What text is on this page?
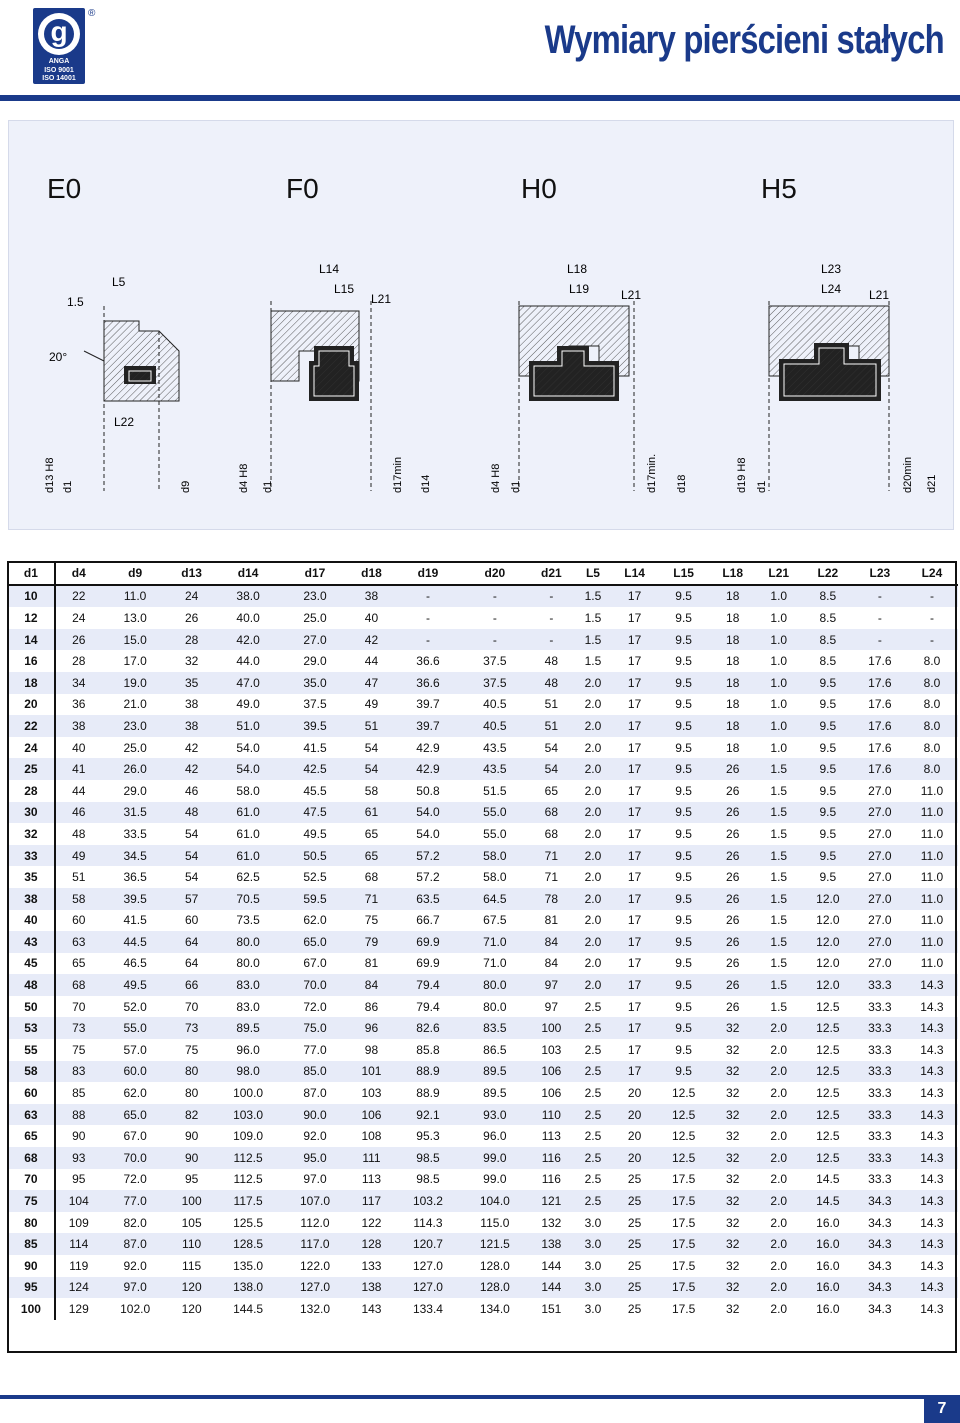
g
ANGA
ISO 9001
ISO 14001
®
Wymiary pierścieni stałych
E0	F0	H0	H5
L5
1.5
20°
L22
d13 H8 d1	d9
L14
L15
L21
d4 H8 d1	d17min d14
L18
L19	L21
d4 H8 d1	d17min. d18
L23
L24 L21
d19 H8 d1	d20min d21
d1	d4	d9	d13	d14	d17	d18	d19	d20	d21	L5	L14	L15	L18	L21	L22	L23	L24
10	22	11.0	24	38.0	23.0	38	-	-	-	1.5	17	9.5	18	1.0	8.5	-	-
12	24	13.0	26	40.0	25.0	40	-	-	-	1.5	17	9.5	18	1.0	8.5	-	-
14	26	15.0	28	42.0	27.0	42	-	-	-	1.5	17	9.5	18	1.0	8.5	-	-
16	28	17.0	32	44.0	29.0	44	36.6	37.5	48	1.5	17	9.5	18	1.0	8.5	17.6	8.0
18	34	19.0	35	47.0	35.0	47	36.6	37.5	48	2.0	17	9.5	18	1.0	9.5	17.6	8.0
20	36	21.0	38	49.0	37.5	49	39.7	40.5	51	2.0	17	9.5	18	1.0	9.5	17.6	8.0
22	38	23.0	38	51.0	39.5	51	39.7	40.5	51	2.0	17	9.5	18	1.0	9.5	17.6	8.0
24	40	25.0	42	54.0	41.5	54	42.9	43.5	54	2.0	17	9.5	18	1.0	9.5	17.6	8.0
25	41	26.0	42	54.0	42.5	54	42.9	43.5	54	2.0	17	9.5	26	1.5	9.5	17.6	8.0
28	44	29.0	46	58.0	45.5	58	50.8	51.5	65	2.0	17	9.5	26	1.5	9.5	27.0	11.0
30	46	31.5	48	61.0	47.5	61	54.0	55.0	68	2.0	17	9.5	26	1.5	9.5	27.0	11.0
32	48	33.5	54	61.0	49.5	65	54.0	55.0	68	2.0	17	9.5	26	1.5	9.5	27.0	11.0
33	49	34.5	54	61.0	50.5	65	57.2	58.0	71	2.0	17	9.5	26	1.5	9.5	27.0	11.0
35	51	36.5	54	62.5	52.5	68	57.2	58.0	71	2.0	17	9.5	26	1.5	9.5	27.0	11.0
38	58	39.5	57	70.5	59.5	71	63.5	64.5	78	2.0	17	9.5	26	1.5	12.0	27.0	11.0
40	60	41.5	60	73.5	62.0	75	66.7	67.5	81	2.0	17	9.5	26	1.5	12.0	27.0	11.0
43	63	44.5	64	80.0	65.0	79	69.9	71.0	84	2.0	17	9.5	26	1.5	12.0	27.0	11.0
45	65	46.5	64	80.0	67.0	81	69.9	71.0	84	2.0	17	9.5	26	1.5	12.0	27.0	11.0
48	68	49.5	66	83.0	70.0	84	79.4	80.0	97	2.0	17	9.5	26	1.5	12.0	33.3	14.3
50	70	52.0	70	83.0	72.0	86	79.4	80.0	97	2.5	17	9.5	26	1.5	12.5	33.3	14.3
53	73	55.0	73	89.5	75.0	96	82.6	83.5	100	2.5	17	9.5	32	2.0	12.5	33.3	14.3
55	75	57.0	75	96.0	77.0	98	85.8	86.5	103	2.5	17	9.5	32	2.0	12.5	33.3	14.3
58	83	60.0	80	98.0	85.0	101	88.9	89.5	106	2.5	17	9.5	32	2.0	12.5	33.3	14.3
60	85	62.0	80	100.0	87.0	103	88.9	89.5	106	2.5	20	12.5	32	2.0	12.5	33.3	14.3
63	88	65.0	82	103.0	90.0	106	92.1	93.0	110	2.5	20	12.5	32	2.0	12.5	33.3	14.3
65	90	67.0	90	109.0	92.0	108	95.3	96.0	113	2.5	20	12.5	32	2.0	12.5	33.3	14.3
68	93	70.0	90	112.5	95.0	111	98.5	99.0	116	2.5	20	12.5	32	2.0	12.5	33.3	14.3
70	95	72.0	95	112.5	97.0	113	98.5	99.0	116	2.5	25	17.5	32	2.0	14.5	33.3	14.3
75	104	77.0	100	117.5	107.0	117	103.2	104.0	121	2.5	25	17.5	32	2.0	14.5	34.3	14.3
80	109	82.0	105	125.5	112.0	122	114.3	115.0	132	3.0	25	17.5	32	2.0	16.0	34.3	14.3
85	114	87.0	110	128.5	117.0	128	120.7	121.5	138	3.0	25	17.5	32	2.0	16.0	34.3	14.3
90	119	92.0	115	135.0	122.0	133	127.0	128.0	144	3.0	25	17.5	32	2.0	16.0	34.3	14.3
95	124	97.0	120	138.0	127.0	138	127.0	128.0	144	3.0	25	17.5	32	2.0	16.0	34.3	14.3
100	129	102.0	120	144.5	132.0	143	133.4	134.0	151	3.0	25	17.5	32	2.0	16.0	34.3	14.3
7
